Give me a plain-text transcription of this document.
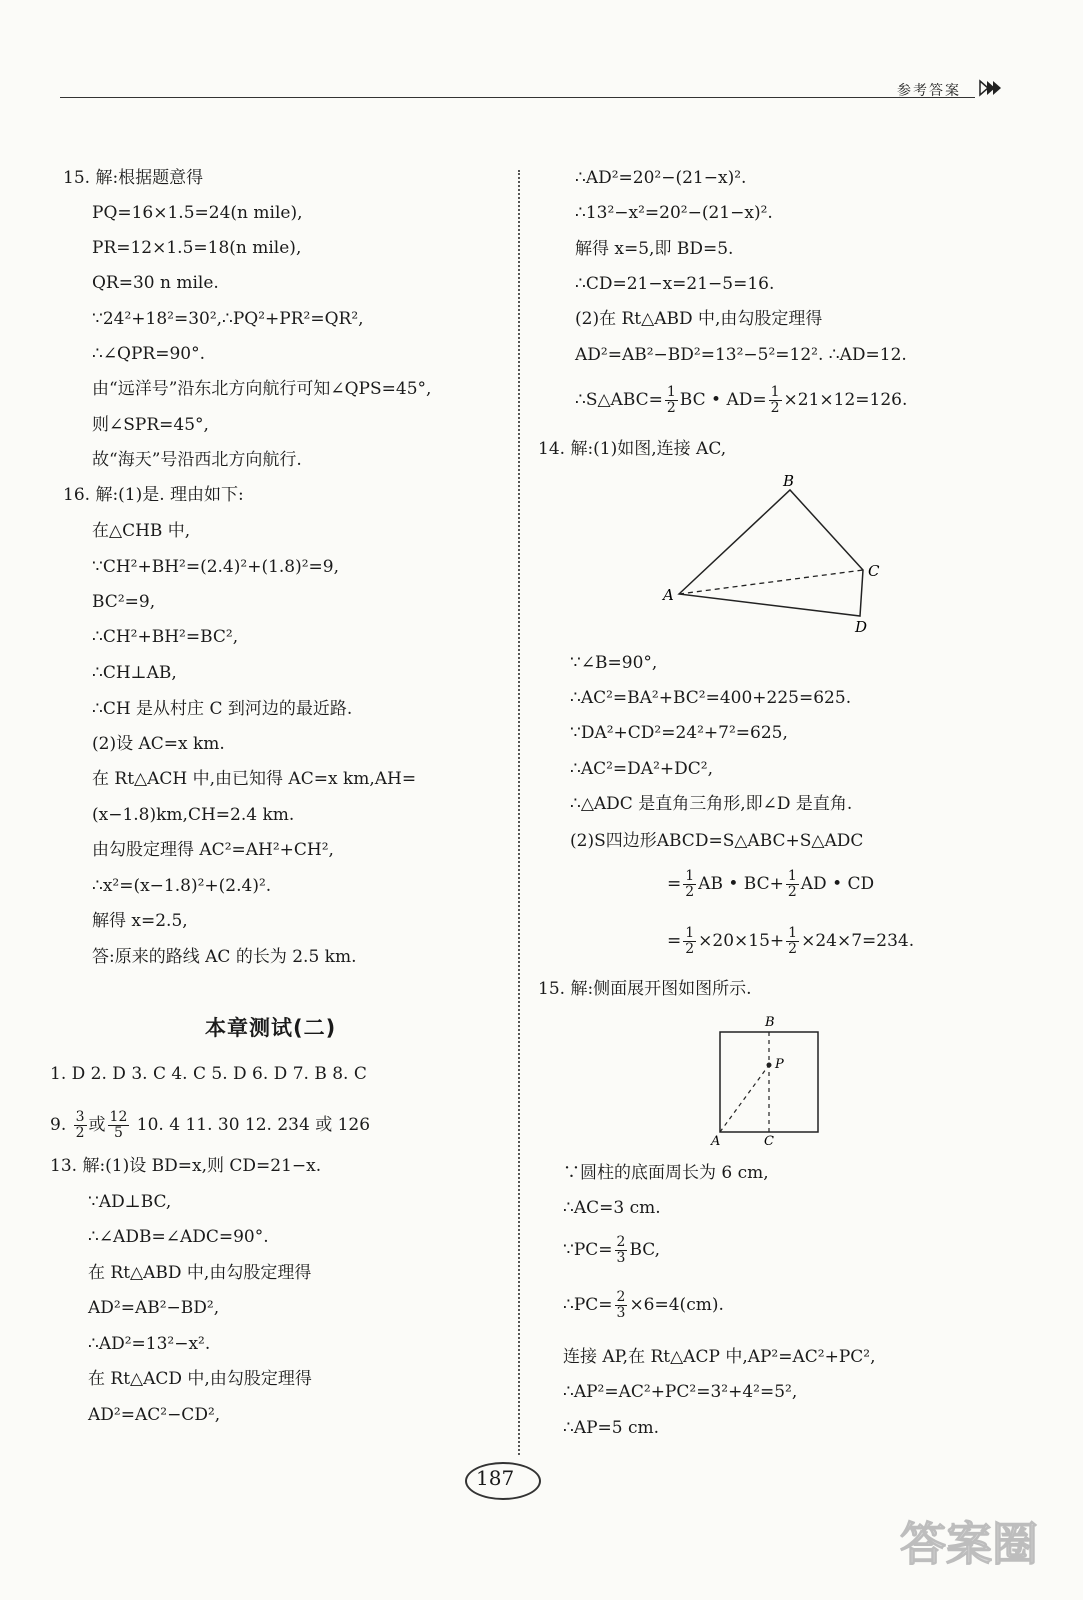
参考答案
15. 解:根据题意得
PQ=16×1.5=24(n mile),
PR=12×1.5=18(n mile),
QR=30 n mile.
∵24²+18²=30²,∴PQ²+PR²=QR²,
∴∠QPR=90°.
由“远洋号”沿东北方向航行可知∠QPS=45°,
则∠SPR=45°,
故“海天”号沿西北方向航行.
16. 解:(1)是. 理由如下:
在△CHB 中,
∵CH²+BH²=(2.4)²+(1.8)²=9,
BC²=9,
∴CH²+BH²=BC²,
∴CH⊥AB,
∴CH 是从村庄 C 到河边的最近路.
(2)设 AC=x km.
在 Rt△ACH 中,由已知得 AC=x km,AH=
(x−1.8)km,CH=2.4 km.
由勾股定理得 AC²=AH²+CH²,
∴x²=(x−1.8)²+(2.4)².
解得 x=2.5,
答:原来的路线 AC 的长为 2.5 km.
1. D 2. D 3. C 4. C 5. D 6. D 7. B 8. C
13. 解:(1)设 BD=x,则 CD=21−x.
∵AD⊥BC,
∴∠ADB=∠ADC=90°.
在 Rt△ABD 中,由勾股定理得
AD²=AB²−BD²,
∴AD²=13²−x².
在 Rt△ACD 中,由勾股定理得
AD²=AC²−CD²,
本章测试(二)
9. $\frac{3}{2}$ 或 $\frac{12}{5} 10$. 4 11. 30 12. 234 或 126
∴AD²=20²−(21−x)².
∴13²−x²=20²−(21−x)².
解得 x=5,即 BD=5.
∴CD=21−x=21−5=16.
(2)在 Rt△ABD 中,由勾股定理得
AD²=AB²−BD²=13²−5²=12². ∴AD=12.
14. 解:(1)如图,连接 AC,
∵∠B=90°,
∴AC²=BA²+BC²=400+225=625.
∵DA²+CD²=24²+7²=625,
∴AC²=DA²+DC²,
∴△ADC 是直角三角形,即∠D 是直角.
15. 解:侧面展开图如图所示.
∵圆柱的底面周长为 6 cm,
∴AC=3 cm.
连接 AP,在 Rt△ACP 中,AP²=AC²+PC²,
∴AP²=AC²+PC²=3²+4²=5²,
∴AP=5 cm.
∴S△ABC= $\frac{1}{2}$ BC • $AD= \frac{1}{2} \times 21\times 12=126$.
B
C
A
D
(2)S四边形ABCD=S△ABC+S△ADC
= $\frac{1}{2}$ AB • $BC+ \frac{1}{2}$ AD • CD
= $\frac{1}{2} \times 20\times 15+ \frac{1}{2} \times 24\times 7=234$.
B
P
A	C
∵PC= $\frac{2}{3}$ BC,
∴PC= $\frac{2}{3} \times 6=4(cm)$.
187
答案圈
